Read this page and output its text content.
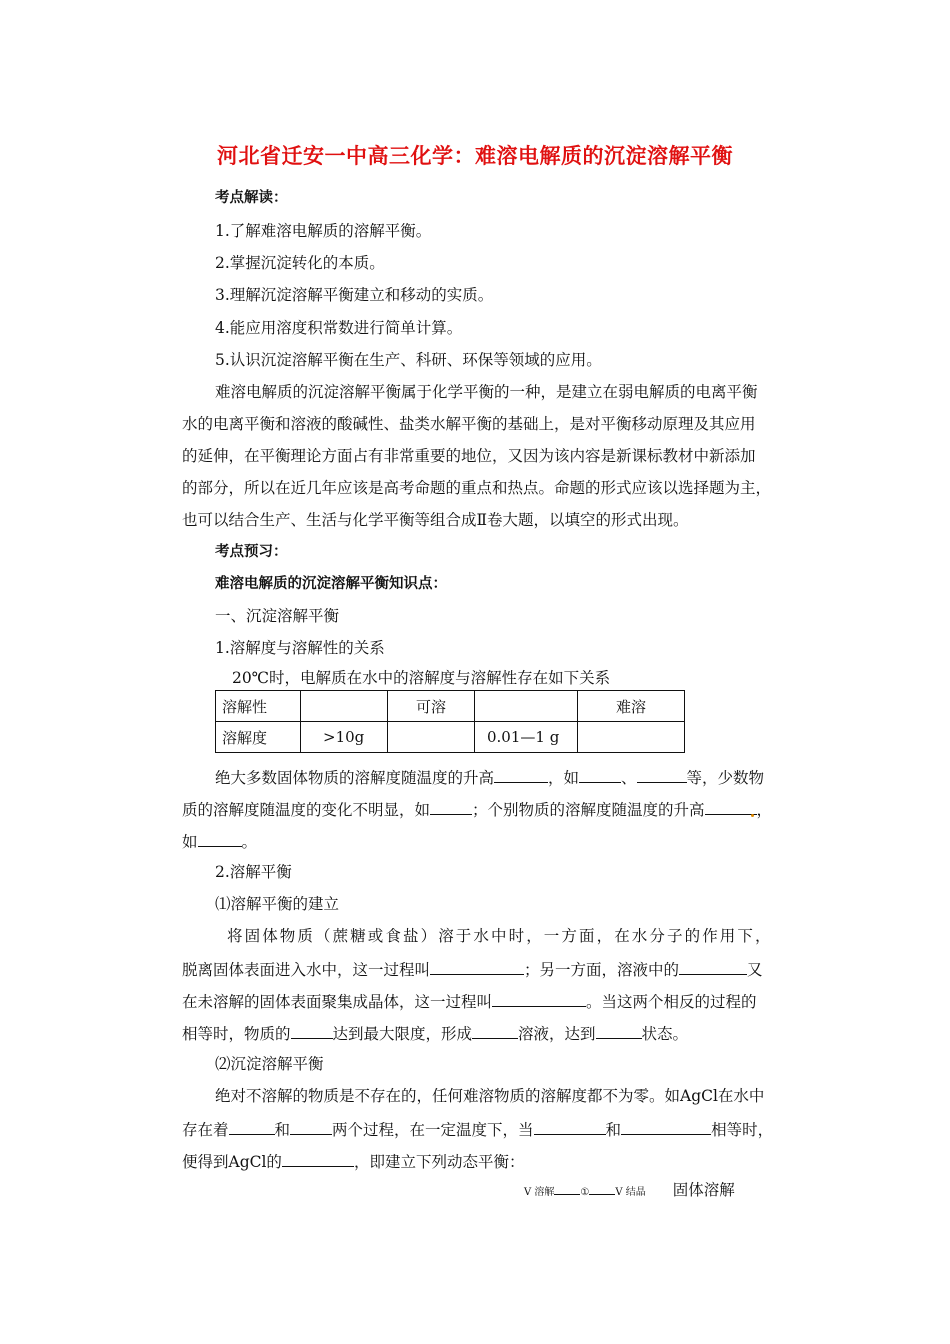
河北省迁安一中高三化学：难溶电解质的沉淀溶解平衡
考点解读：
1.了解难溶电解质的溶解平衡。
2.掌握沉淀转化的本质。
3.理解沉淀溶解平衡建立和移动的实质。
4.能应用溶度积常数进行简单计算。
5.认识沉淀溶解平衡在生产、科研、环保等领域的应用。
难溶电解质的沉淀溶解平衡属于化学平衡的一种，是建立在弱电解质的电离平衡
水的电离平衡和溶液的酸碱性、盐类水解平衡的基础上，是对平衡移动原理及其应用
的延伸，在平衡理论方面占有非常重要的地位，又因为该内容是新课标教材中新添加
的部分，所以在近几年应该是高考命题的重点和热点。命题的形式应该以选择题为主，
也可以结合生产、生活与化学平衡等组合成Ⅱ卷大题，以填空的形式出现。
考点预习：
难溶电解质的沉淀溶解平衡知识点：
一、沉淀溶解平衡
1.溶解度与溶解性的关系
20℃时，电解质在水中的溶解度与溶解性存在如下关系
溶解性		可溶		难溶
溶解度	>10g		0.01—1 g	
绝大多数固体物质的溶解度随温度的升高	，如	、	等，少数物
质的溶解度随温度的变化不明显，如	；个别物质的溶解度随温度的升高	，
如	。
2.溶解平衡
⑴溶解平衡的建立
将固体物质（蔗糖或食盐）溶于水中时，一方面，在水分子的作用下，
脱离固体表面进入水中，这一过程叫	；另一方面，溶液中的	又
在未溶解的固体表面聚集成晶体，这一过程叫	。当这两个相反的过程的
相等时，物质的	达到最大限度，形成	溶液，达到	状态。
⑵沉淀溶解平衡
绝对不溶解的物质是不存在的，任何难溶物质的溶解度都不为零。如AgCl在水中
存在着	和	两个过程，在一定温度下，当	和	相等时，
便得到AgCl的	，即建立下列动态平衡：
V 溶解	①	V 结晶 固体溶解
